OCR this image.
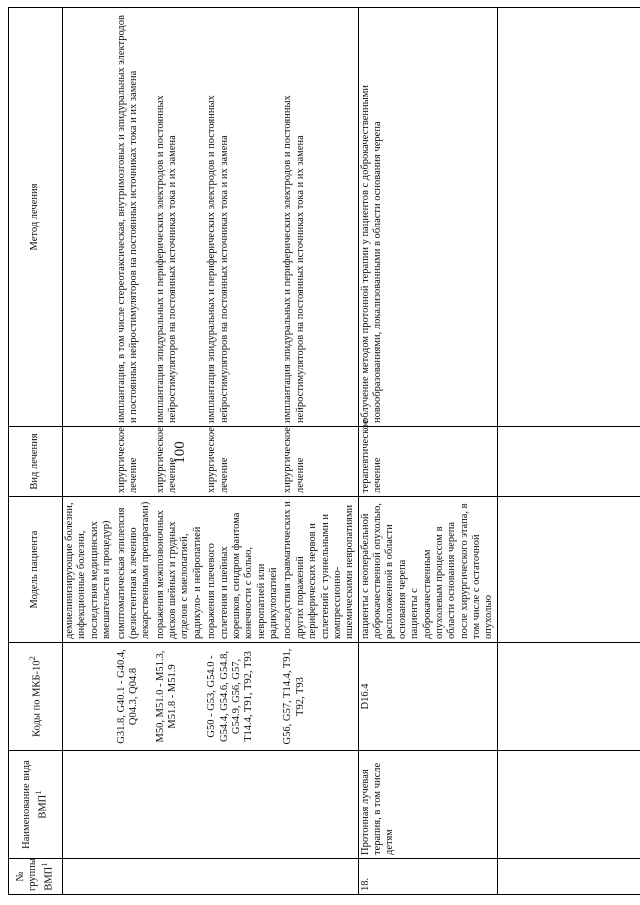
100
№ группы ВМП$^1$	Наименование вида ВМП$^1$	Коды по МКБ-$10^2$	Модель пациента	Вид лечения	Метод лечения
			демиелинизирующие болезни, инфекционные болезни, последствия медицинских вмешательств и процедур)		
		G31.8, G40.1 - G40.4, Q04.3, Q04.8	симптоматическая эпилепсия (резистентная к лечению лекарственными препаратами)	хирургическое лечение	имплантация, в том числе стереотаксическая, внутримозговых и эпидуральных электродов и постоянных нейростимуляторов на постоянных источниках тока и их замена
		M50, M51.0 - M51.3, M51.8 - M51.9	поражения межпозвоночных дисков шейных и грудных отделов с миелопатией, радикуло- и нейропатией	хирургическое лечение	имплантация эпидуральных и периферических электродов и постоянных нейростимуляторов на постоянных источниках тока и их замена
		G50 - G53, G54.0 - G54.4, G54.6, G54.8, G54.9, G56, G57, T14.4, T91, T92, T93	поражения плечевого сплетения и шейных корешков, синдром фантома конечности с болью, невропатией или радикулопатией	хирургическое лечение	имплантация эпидуральных и периферических электродов и постоянных нейростимуляторов на постоянных источниках тока и их замена
		G56, G57, T14.4, T91, T92, T93	последствия травматических и других поражений периферических нервов и сплетений с туннельными и компрессионно-ишемическими невропатиями	хирургическое лечение	имплантация эпидуральных и периферических электродов и постоянных нейростимуляторов на постоянных источниках тока и их замена
18.	Протонная лучевая терапия, в том числе детям	D16.4	пациенты с неоперабельной доброкачественной опухолью, расположенной в области основания черепа пациенты с доброкачественным опухолевым процессом в области основания черепа после хирургического этапа, в том числе с остаточной опухолью	терапевтическое лечение	облучение методом протонной терапии у пациентов с доброкачественными новообразованиями, локализованными в области основания черепа
